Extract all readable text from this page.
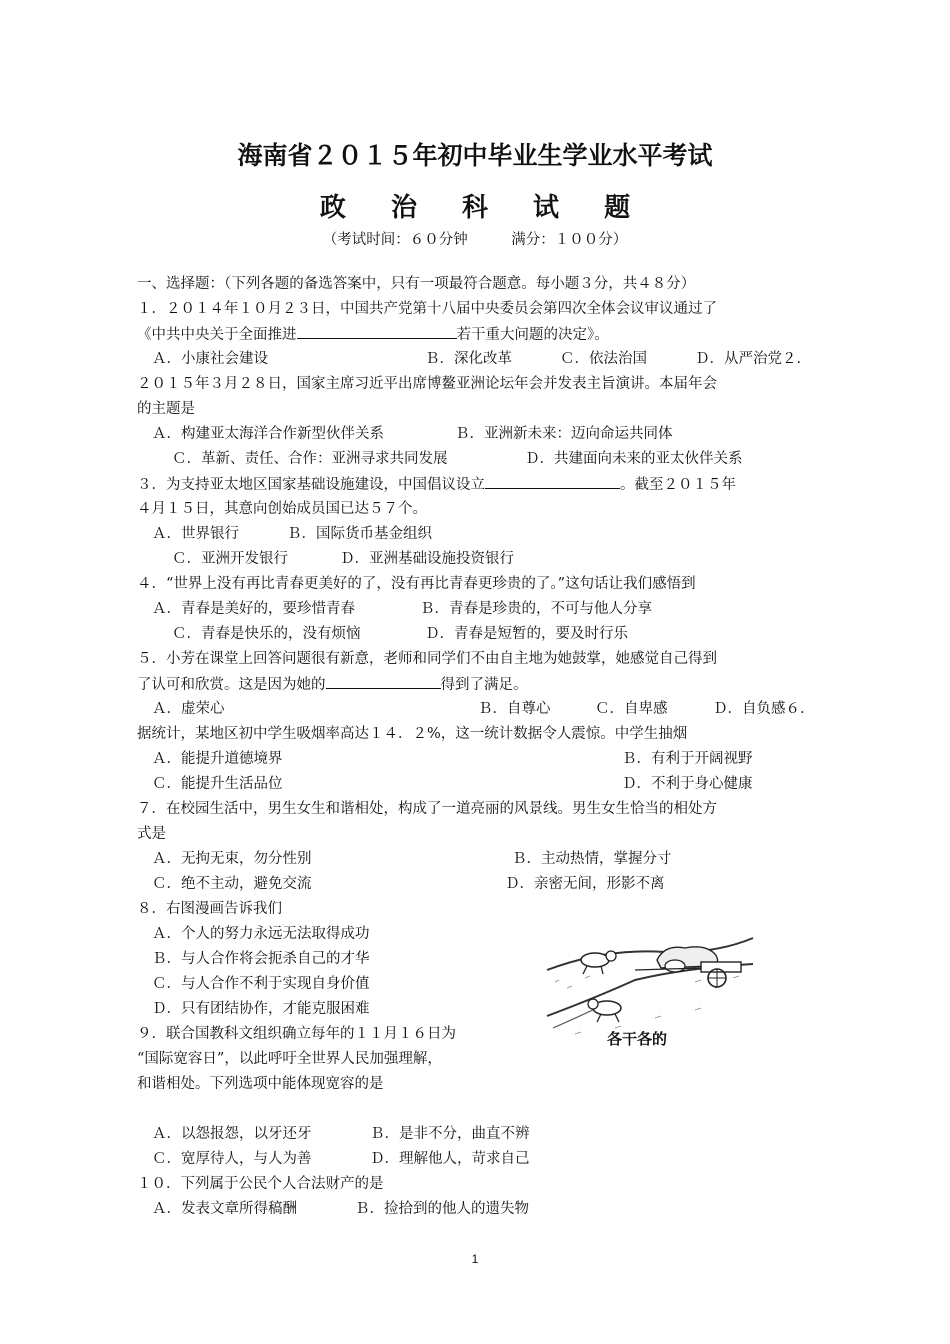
海南省２０１５年初中毕业生学业水平考试
政 治 科 试 题
（考试时间：６０分钟　　　满分：１００分）
一、选择题：（下列各题的备选答案中，只有一项最符合题意。每小题３分，共４８分）
１．２０１４年１０月２３日，中国共产党第十八届中央委员会第四次全体会议审议通过了
《中共中央关于全面推进	若干重大问题的决定》。
Ａ．小康社会建设	Ｂ．深化改革	Ｃ．依法治国	Ｄ．从严治党２．
２０１５年３月２８日，国家主席习近平出席博鳌亚洲论坛年会并发表主旨演讲。本届年会
的主题是
Ａ．构建亚太海洋合作新型伙伴关系	Ｂ．亚洲新未来：迈向命运共同体
Ｃ．革新、责任、合作：亚洲寻求共同发展	Ｄ．共建面向未来的亚太伙伴关系
３．为支持亚太地区国家基础设施建设，中国倡议设立	。截至２０１５年
４月１５日，其意向创始成员国已达５７个。
Ａ．世界银行	Ｂ．国际货币基金组织
Ｃ．亚洲开发银行	Ｄ．亚洲基础设施投资银行
４．“世界上没有再比青春更美好的了，没有再比青春更珍贵的了。”这句话让我们感悟到
Ａ．青春是美好的，要珍惜青春	Ｂ．青春是珍贵的，不可与他人分享
Ｃ．青春是快乐的，没有烦恼	Ｄ．青春是短暂的，要及时行乐
５．小芳在课堂上回答问题很有新意，老师和同学们不由自主地为她鼓掌，她感觉自己得到
了认可和欣赏。这是因为她的	得到了满足。
Ａ．虚荣心	Ｂ．自尊心	Ｃ．自卑感	Ｄ．自负感６．
据统计，某地区初中学生吸烟率高达１４．２%，这一统计数据令人震惊。中学生抽烟
Ａ．能提升道德境界	Ｂ．有利于开阔视野
Ｃ．能提升生活品位	Ｄ．不利于身心健康
７．在校园生活中，男生女生和谐相处，构成了一道亮丽的风景线。男生女生恰当的相处方
式是
Ａ．无拘无束，勿分性别	Ｂ．主动热情，掌握分寸
Ｃ．绝不主动，避免交流	Ｄ．亲密无间，形影不离
８．右图漫画告诉我们
Ａ．个人的努力永远无法取得成功
Ｂ．与人合作将会扼杀自己的才华
Ｃ．与人合作不利于实现自身价值
Ｄ．只有团结协作，才能克服困难
各干各的
９．联合国教科文组织确立每年的１１月１６日为
“国际宽容日”，以此呼吁全世界人民加强理解，
和谐相处。下列选项中能体现宽容的是
Ａ．以怨报怨，以牙还牙	Ｂ．是非不分，曲直不辨
Ｃ．宽厚待人，与人为善	Ｄ．理解他人，苛求自己
１０．下列属于公民个人合法财产的是
Ａ．发表文章所得稿酬	Ｂ．捡拾到的他人的遗失物
1
